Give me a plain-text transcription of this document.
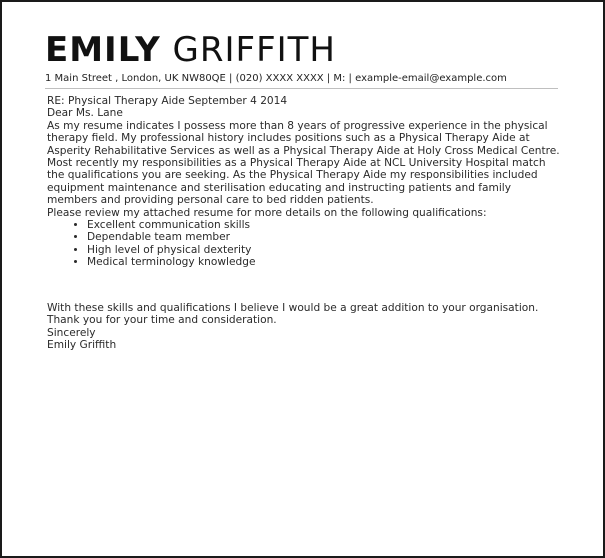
EMILY GRIFFITH
1 Main Street , London, UK NW80QE | (020) XXXX XXXX | M: | example-email@example.com

RE: Physical Therapy Aide September 4 2014

Dear Ms. Lane

As my resume indicates I possess more than 8 years of progressive experience in the physical therapy field. My professional history includes positions such as a Physical Therapy Aide at Asperity Rehabilitative Services as well as a Physical Therapy Aide at Holy Cross Medical Centre.

Most recently my responsibilities as a Physical Therapy Aide at NCL University Hospital match the qualifications you are seeking. As the Physical Therapy Aide my responsibilities included equipment maintenance and sterilisation educating and instructing patients and family members and providing personal care to bed ridden patients.

Please review my attached resume for more details on the following qualifications:

• Excellent communication skills
• Dependable team member
• High level of physical dexterity
• Medical terminology knowledge

With these skills and qualifications I believe I would be a great addition to your organisation. Thank you for your time and consideration.

Sincerely

Emily Griffith
